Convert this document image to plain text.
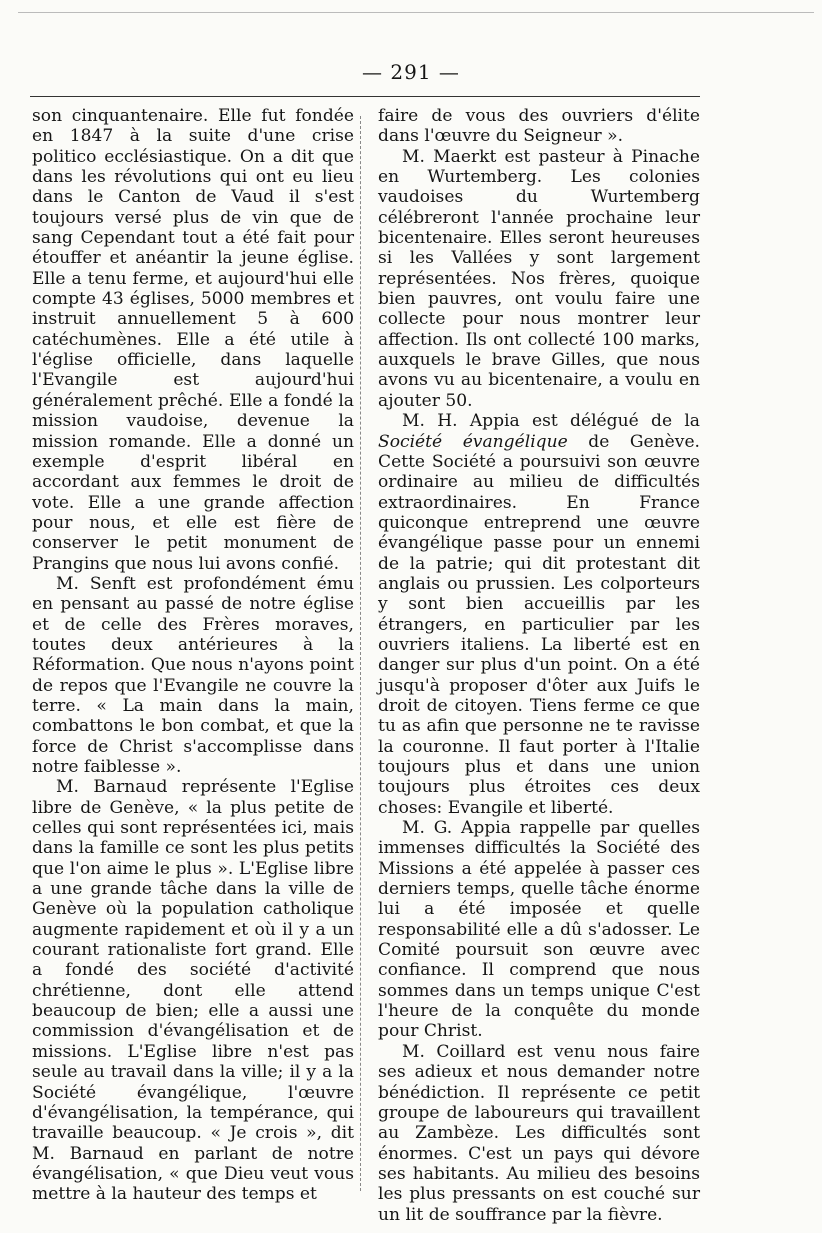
— 291 —

son cinquantenaire. Elle fut fondée en 1847 à la suite d'une crise politico ecclésiastique. On a dit que dans les révolutions qui ont eu lieu dans le Canton de Vaud il s'est toujours versé plus de vin que de sang Cependant tout a été fait pour étouffer et anéantir la jeune église. Elle a tenu ferme, et aujourd'hui elle compte 43 églises, 5000 membres et instruit annuellement 5 à 600 catéchumènes. Elle a été utile à l'église officielle, dans laquelle l'Evangile est aujourd'hui généralement prêché. Elle a fondé la mission vaudoise, devenue la mission romande. Elle a donné un exemple d'esprit libéral en accordant aux femmes le droit de vote. Elle a une grande affection pour nous, et elle est fière de conserver le petit monument de Prangins que nous lui avons confié.

M. Senft est profondément ému en pensant au passé de notre église et de celle des Frères moraves, toutes deux antérieures à la Réformation. Que nous n'ayons point de repos que l'Evangile ne couvre la terre. « La main dans la main, combattons le bon combat, et que la force de Christ s'accomplisse dans notre faiblesse ».

M. Barnaud représente l'Eglise libre de Genève, « la plus petite de celles qui sont représentées ici, mais dans la famille ce sont les plus petits que l'on aime le plus ». L'Eglise libre a une grande tâche dans la ville de Genève où la population catholique augmente rapidement et où il y a un courant rationaliste fort grand. Elle a fondé des société d'activité chrétienne, dont elle attend beaucoup de bien; elle a aussi une commission d'évangélisation et de missions. L'Eglise libre n'est pas seule au travail dans la ville; il y a la Société évangélique, l'œuvre d'évangélisation, la tempérance, qui travaille beaucoup. « Je crois », dit M. Barnaud en parlant de notre évangélisation, « que Dieu veut vous mettre à la hauteur des temps et

faire de vous des ouvriers d'élite dans l'œuvre du Seigneur ».

M. Maerkt est pasteur à Pinache en Wurtemberg. Les colonies vaudoises du Wurtemberg célébreront l'année prochaine leur bicentenaire. Elles seront heureuses si les Vallées y sont largement représentées. Nos frères, quoique bien pauvres, ont voulu faire une collecte pour nous montrer leur affection. Ils ont collecté 100 marks, auxquels le brave Gilles, que nous avons vu au bicentenaire, a voulu en ajouter 50.

M. H. Appia est délégué de la Société évangélique de Genève. Cette Société a poursuivi son œuvre ordinaire au milieu de difficultés extraordinaires. En France quiconque entreprend une œuvre évangélique passe pour un ennemi de la patrie; qui dit protestant dit anglais ou prussien. Les colporteurs y sont bien accueillis par les étrangers, en particulier par les ouvriers italiens. La liberté est en danger sur plus d'un point. On a été jusqu'à proposer d'ôter aux Juifs le droit de citoyen. Tiens ferme ce que tu as afin que personne ne te ravisse la couronne. Il faut porter à l'Italie toujours plus et dans une union toujours plus étroites ces deux choses: Evangile et liberté.

M. G. Appia rappelle par quelles immenses difficultés la Société des Missions a été appelée à passer ces derniers temps, quelle tâche énorme lui a été imposée et quelle responsabilité elle a dû s'adosser. Le Comité poursuit son œuvre avec confiance. Il comprend que nous sommes dans un temps unique C'est l'heure de la conquête du monde pour Christ.

M. Coillard est venu nous faire ses adieux et nous demander notre bénédiction. Il représente ce petit groupe de laboureurs qui travaillent au Zambèze. Les difficultés sont énormes. C'est un pays qui dévore ses habitants. Au milieu des besoins les plus pressants on est couché sur un lit de souffrance par la fièvre.
